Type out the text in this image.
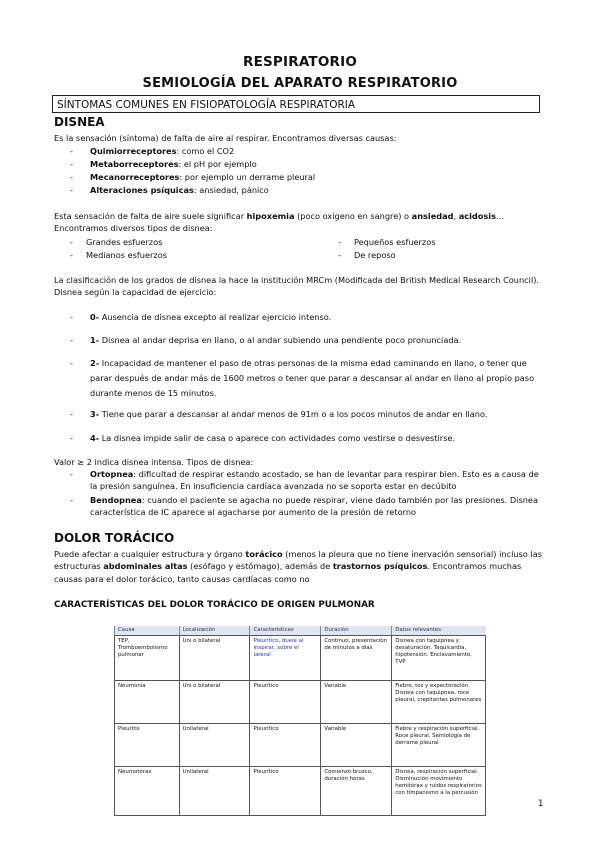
RESPIRATORIO
SEMIOLOGÍA DEL APARATO RESPIRATORIO
SÍNTOMAS COMUNES EN FISIOPATOLOGÍA RESPIRATORIA
DISNEA
Es la sensación (síntoma) de falta de aire al respirar. Encontramos diversas causas:
- Quimiorreceptores: como el CO2
- Metaborreceptores: el pH por ejemplo
- Mecanorreceptores: por ejemplo un derrame pleural
- Alteraciones psíquicas: ansiedad, pánico
Esta sensación de falta de aire suele significar hipoxemia (poco oxígeno en sangre) o ansiedad, acidosis… Encontramos diversos tipos de disnea:
-     Grandes esfuerzos
-     Medianos esfuerzos
-     Pequeños esfuerzos
-     De reposo
La clasificación de los grados de disnea la hace la institución MRCm (Modificada del British Medical Research Council). Disnea según la capacidad de ejercicio:
- 0- Ausencia de disnea excepto al realizar ejercicio intenso.
- 1- Disnea al andar deprisa en llano, o al andar subiendo una pendiente poco pronunciada.
- 2- Incapacidad de mantener el paso de otras personas de la misma edad caminando en llano, o tener que parar después de andar más de 1600 metros o tener que parar a descansar al andar en llano al propio paso durante menos de 15 minutos.
- 3- Tiene que parar a descansar al andar menos de 91m o a los pocos minutos de andar en llano.
- 4- La disnea impide salir de casa o aparece con actividades como vestirse o desvestirse.
Valor ≥ 2 indica disnea intensa. Tipos de disnea:
-	Ortopnea: dificultad de respirar estando acostado, se han de levantar para respirar bien. Esto es a causa de la presión sanguínea. En insuficiencia cardíaca avanzada no se soporta estar en decúbito
-	Bendopnea: cuando el paciente se agacha no puede respirar, viene dado también por las presiones. Disnea característica de IC aparece al agacharse por aumento de la presión de retorno
DOLOR TORÁCICO
Puede afectar a cualquier estructura y órgano torácico (menos la pleura que no tiene inervación sensorial) incluso las estructuras abdominales altas (esófago y estómago), además de trastornos psíquicos. Encontramos muchas causas para el dolor torácico, tanto causas cardíacas como no
CARACTERÍSTICAS DEL DOLOR TORÁCICO DE ORIGEN PULMONAR
Causa	Localización	Características	Duración	Datos relevantes
TEP, Tromboembolismo pulmonar	Uni o bilateral	Pleurítico, duele al inspirar, sobre el lateral	Continuo, presentación de minutos a días	Disnea con taquipnea y desaturación. Taquicardia, hipotensión. Enclavamiento, TVP
Neumonía	Uni o bilateral	Pleurítico	Variable	Fiebre, tos y expectoración. Disnea con taquipnea, roce pleural, crepitantes pulmonares
Pleuritis	Unilateral	Pleurítico	Variable	Fiebre y respiración superficial. Roce pleural. Semiología de derrame pleural
Neumotórax	Unilateral	Pleurítico	Comienzo brusco, duración horas	Disnea, respiración superficial. Disminución movimiento hemitórax y ruidos respiratorios con timpanismo a la percusión
1
